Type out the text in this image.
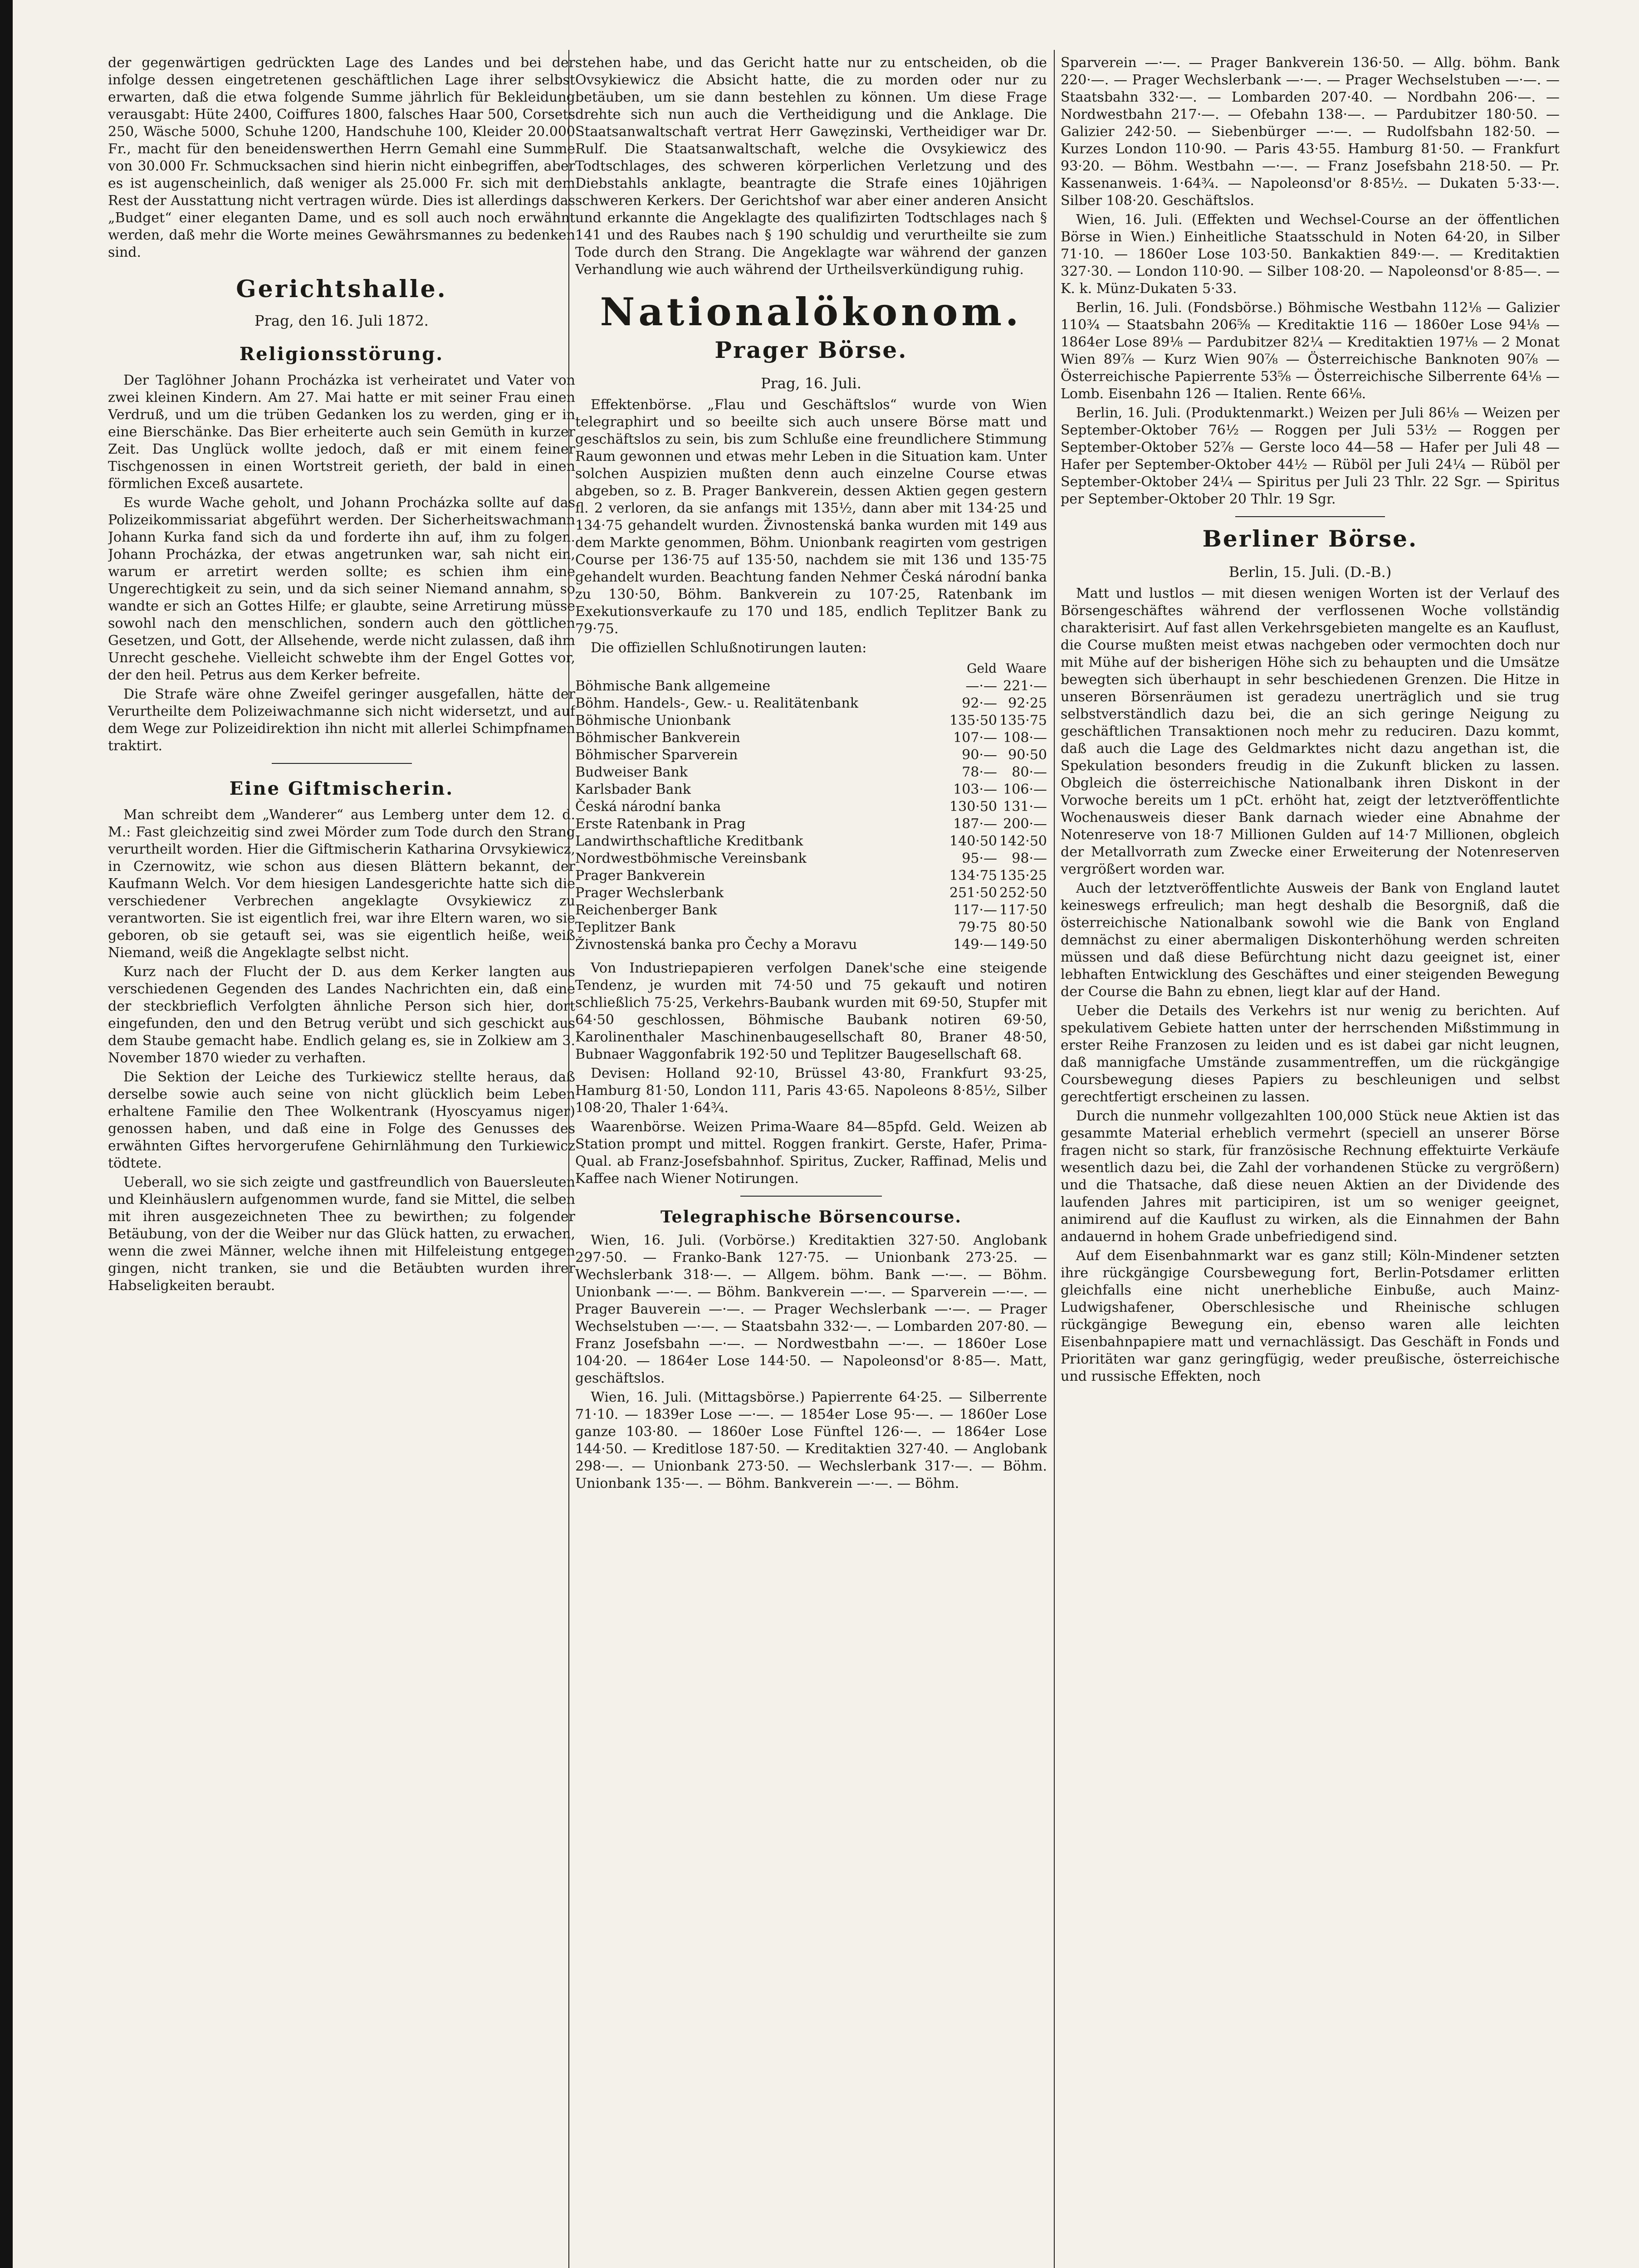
der gegenwärtigen gedrückten Lage des Landes und bei der infolge dessen eingetretenen geschäftlichen Lage ihrer selbst erwarten, daß die etwa folgende Summe jährlich für Bekleidung verausgabt: Hüte 2400, Coiffures 1800, falsches Haar 500, Corsets 250, Wäsche 5000, Schuhe 1200, Handschuhe 100, Kleider 20.000 Fr., macht für den beneidenswerthen Herrn Gemahl eine Summe von 30.000 Fr. Schmucksachen sind hierin nicht einbegriffen, aber es ist augenscheinlich, daß weniger als 25.000 Fr. sich mit dem Rest der Ausstattung nicht vertragen würde. Dies ist allerdings das „Budget“ einer eleganten Dame, und es soll auch noch erwähnt werden, daß mehr die Worte meines Gewährsmannes zu bedenken sind.

Gerichtshalle.
Prag, den 16. Juli 1872.
Religionsstörung.

Der Taglöhner Johann Procházka ist verheiratet und Vater von zwei kleinen Kindern. Am 27. Mai hatte er mit seiner Frau einen Verdruß, und um die trüben Gedanken los zu werden, ging er in eine Bierschänke. Das Bier erheiterte auch sein Gemüth in kurzer Zeit. Das Unglück wollte jedoch, daß er mit einem feiner Tischgenossen in einen Wortstreit gerieth, der bald in einen förmlichen Exceß ausartete.

Es wurde Wache geholt, und Johann Procházka sollte auf das Polizeikommissariat abgeführt werden. Der Sicherheitswachmann Johann Kurka fand sich da und forderte ihn auf, ihm zu folgen. Johann Procházka, der etwas angetrunken war, sah nicht ein, warum er arretirt werden sollte; es schien ihm eine Ungerechtigkeit zu sein, und da sich seiner Niemand annahm, so wandte er sich an Gottes Hilfe; er glaubte, seine Arretirung müsse sowohl nach den menschlichen, sondern auch den göttlichen Gesetzen, und Gott, der Allsehende, werde nicht zulassen, daß ihm Unrecht geschehe. Vielleicht schwebte ihm der Engel Gottes vor, der den heil. Petrus aus dem Kerker befreite.

Die Strafe wäre ohne Zweifel geringer ausgefallen, hätte der Verurtheilte dem Polizeiwachmanne sich nicht widersetzt, und auf dem Wege zur Polizeidirektion ihn nicht mit allerlei Schimpfnamen traktirt.

Eine Giftmischerin.

Man schreibt dem „Wanderer“ aus Lemberg unter dem 12. d. M.: Fast gleichzeitig sind zwei Mörder zum Tode durch den Strang verurtheilt worden. Hier die Giftmischerin Katharina Orvsykiewicz, in Czernowitz, wie schon aus diesen Blättern bekannt, der Kaufmann Welch. Vor dem hiesigen Landesgerichte hatte sich die verschiedener Verbrechen angeklagte Ovsykiewicz zu verantworten. Sie ist eigentlich frei, war ihre Eltern waren, wo sie geboren, ob sie getauft sei, was sie eigentlich heiße, weiß Niemand, weiß die Angeklagte selbst nicht.

Kurz nach der Flucht der D. aus dem Kerker langten aus verschiedenen Gegenden des Landes Nachrichten ein, daß eine der steckbrieflich Verfolgten ähnliche Person sich hier, dort eingefunden, den und den Betrug verübt und sich geschickt aus dem Staube gemacht habe. Endlich gelang es, sie in Zolkiew am 3. November 1870 wieder zu verhaften.

Die Sektion der Leiche des Turkiewicz stellte heraus, daß derselbe sowie auch seine von nicht glücklich beim Leben erhaltene Familie den Thee Wolkentrank (Hyoscyamus niger) genossen haben, und daß eine in Folge des Genusses des erwähnten Giftes hervorgerufene Gehirnlähmung den Turkiewicz tödtete.

Ueberall, wo sie sich zeigte und gastfreundlich von Bauersleuten und Kleinhäuslern aufgenommen wurde, fand sie Mittel, die selben mit ihren ausgezeichneten Thee zu bewirthen; zu folgender Betäubung, von der die Weiber nur das Glück hatten, zu erwachen, wenn die zwei Männer, welche ihnen mit Hilfeleistung entgegen gingen, nicht tranken, sie und die Betäubten wurden ihrer Habseligkeiten beraubt.

stehen habe, und das Gericht hatte nur zu entscheiden, ob die Ovsykiewicz die Absicht hatte, die zu morden oder nur zu betäuben, um sie dann bestehlen zu können. Um diese Frage drehte sich nun auch die Vertheidigung und die Anklage. Die Staatsanwaltschaft vertrat Herr Gawęzinski, Vertheidiger war Dr. Rulf. Die Staatsanwaltschaft, welche die Ovsykiewicz des Todtschlages, des schweren körperlichen Verletzung und des Diebstahls anklagte, beantragte die Strafe eines 10jährigen schweren Kerkers. Der Gerichtshof war aber einer anderen Ansicht und erkannte die Angeklagte des qualifizirten Todtschlages nach § 141 und des Raubes nach § 190 schuldig und verurtheilte sie zum Tode durch den Strang. Die Angeklagte war während der ganzen Verhandlung wie auch während der Urtheilsverkündigung ruhig.

Nationalökonom.
Prager Börse.
Prag, 16. Juli.

Effektenbörse. „Flau und Geschäftslos“ wurde von Wien telegraphirt und so beeilte sich auch unsere Börse matt und geschäftslos zu sein, bis zum Schluße eine freundlichere Stimmung Raum gewonnen und etwas mehr Leben in die Situation kam. Unter solchen Auspizien mußten denn auch einzelne Course etwas abgeben, so z. B. Prager Bankverein, dessen Aktien gegen gestern fl. 2 verloren, da sie anfangs mit 135½, dann aber mit 134·25 und 134·75 gehandelt wurden. Živnostenská banka wurden mit 149 aus dem Markte genommen, Böhm. Unionbank reagirten vom gestrigen Course per 136·75 auf 135·50, nachdem sie mit 136 und 135·75 gehandelt wurden. Beachtung fanden Nehmer Česká národní banka zu 130·50, Böhm. Bankverein zu 107·25, Ratenbank im Exekutionsverkaufe zu 170 und 185, endlich Teplitzer Bank zu 79·75.

Die offiziellen Schlußnotirungen lauten:

	Geld	Waare
Böhmische Bank allgemeine	—·—	221·—
Böhm. Handels-, Gew.- u. Realitätenbank	92·—	92·25
Böhmische Unionbank	135·50	135·75
Böhmischer Bankverein	107·—	108·—
Böhmischer Sparverein	90·—	90·50
Budweiser Bank	78·—	80·—
Karlsbader Bank	103·—	106·—
Česká národní banka	130·50	131·—
Erste Ratenbank in Prag	187·—	200·—
Landwirthschaftliche Kreditbank	140·50	142·50
Nordwestböhmische Vereinsbank	95·—	98·—
Prager Bankverein	134·75	135·25
Prager Wechslerbank	251·50	252·50
Reichenberger Bank	117·—	117·50
Teplitzer Bank	79·75	80·50
Živnostenská banka pro Čechy a Moravu	149·—	149·50

Von Industriepapieren verfolgen Danek'sche eine steigende Tendenz, je wurden mit 74·50 und 75 gekauft und notiren schließlich 75·25, Verkehrs-Baubank wurden mit 69·50, Stupfer mit 64·50 geschlossen, Böhmische Baubank notiren 69·50, Karolinenthaler Maschinenbaugesellschaft 80, Braner 48·50, Bubnaer Waggonfabrik 192·50 und Teplitzer Baugesellschaft 68.

Devisen: Holland 92·10, Brüssel 43·80, Frankfurt 93·25, Hamburg 81·50, London 111, Paris 43·65. Napoleons 8·85½, Silber 108·20, Thaler 1·64¾.

Waarenbörse. Weizen Prima-Waare 84—85pfd. Geld. Weizen ab Station prompt und mittel. Roggen frankirt. Gerste, Hafer, Prima-Qual. ab Franz-Josefsbahnhof. Spiritus, Zucker, Raffinad, Melis und Kaffee nach Wiener Notirungen.

Telegraphische Börsencourse.

Wien, 16. Juli. (Vorbörse.) Kreditaktien 327·50. Anglobank 297·50. — Franko-Bank 127·75. — Unionbank 273·25. — Wechslerbank 318·—. — Allgem. böhm. Bank —·—. — Böhm. Unionbank —·—. — Böhm. Bankverein —·—. — Sparverein —·—. — Prager Bauverein —·—. — Prager Wechslerbank —·—. — Prager Wechselstuben —·—. — Staatsbahn 332·—. — Lombarden 207·80. — Franz Josefsbahn —·—. — Nordwestbahn —·—. — 1860er Lose 104·20. — 1864er Lose 144·50. — Napoleonsd'or 8·85—. Matt, geschäftslos.

Wien, 16. Juli. (Mittagsbörse.) Papierrente 64·25. — Silberrente 71·10. — 1839er Lose —·—. — 1854er Lose 95·—. — 1860er Lose ganze 103·80. — 1860er Lose Fünftel 126·—. — 1864er Lose 144·50. — Kreditlose 187·50. — Kreditaktien 327·40. — Anglobank 298·—. — Unionbank 273·50. — Wechslerbank 317·—. — Böhm. Unionbank 135·—. — Böhm. Bankverein —·—. — Böhm.

Sparverein —·—. — Prager Bankverein 136·50. — Allg. böhm. Bank 220·—. — Prager Wechslerbank —·—. — Prager Wechselstuben —·—. — Staatsbahn 332·—. — Lombarden 207·40. — Nordbahn 206·—. — Nordwestbahn 217·—. — Ofebahn 138·—. — Pardubitzer 180·50. — Galizier 242·50. — Siebenbürger —·—. — Rudolfsbahn 182·50. — Kurzes London 110·90. — Paris 43·55. Hamburg 81·50. — Frankfurt 93·20. — Böhm. Westbahn —·—. — Franz Josefsbahn 218·50. — Pr. Kassenanweis. 1·64¾. — Napoleonsd'or 8·85½. — Dukaten 5·33·—. Silber 108·20. Geschäftslos.

Wien, 16. Juli. (Effekten und Wechsel-Course an der öffentlichen Börse in Wien.) Einheitliche Staatsschuld in Noten 64·20, in Silber 71·10. — 1860er Lose 103·50. Bankaktien 849·—. — Kreditaktien 327·30. — London 110·90. — Silber 108·20. — Napoleonsd'or 8·85—. — K. k. Münz-Dukaten 5·33.

Berlin, 16. Juli. (Fondsbörse.) Böhmische Westbahn 112⅛ — Galizier 110¾ — Staatsbahn 206⅝ — Kreditaktie 116 — 1860er Lose 94⅛ — 1864er Lose 89⅛ — Pardubitzer 82¼ — Kreditaktien 197⅛ — 2 Monat Wien 89⅞ — Kurz Wien 90⅞ — Österreichische Banknoten 90⅞ — Österreichische Papierrente 53⅝ — Österreichische Silberrente 64⅛ — Lomb. Eisenbahn 126 — Italien. Rente 66⅛.

Berlin, 16. Juli. (Produktenmarkt.) Weizen per Juli 86⅛ — Weizen per September-Oktober 76½ — Roggen per Juli 53½ — Roggen per September-Oktober 52⅞ — Gerste loco 44—58 — Hafer per Juli 48 — Hafer per September-Oktober 44½ — Rüböl per Juli 24¼ — Rüböl per September-Oktober 24¼ — Spiritus per Juli 23 Thlr. 22 Sgr. — Spiritus per September-Oktober 20 Thlr. 19 Sgr.

Berliner Börse.
Berlin, 15. Juli. (D.-B.)

Matt und lustlos — mit diesen wenigen Worten ist der Verlauf des Börsengeschäftes während der verflossenen Woche vollständig charakterisirt. Auf fast allen Verkehrsgebieten mangelte es an Kauflust, die Course mußten meist etwas nachgeben oder vermochten doch nur mit Mühe auf der bisherigen Höhe sich zu behaupten und die Umsätze bewegten sich überhaupt in sehr beschiedenen Grenzen. Die Hitze in unseren Börsenräumen ist geradezu unerträglich und sie trug selbstverständlich dazu bei, die an sich geringe Neigung zu geschäftlichen Transaktionen noch mehr zu reduciren. Dazu kommt, daß auch die Lage des Geldmarktes nicht dazu angethan ist, die Spekulation besonders freudig in die Zukunft blicken zu lassen. Obgleich die österreichische Nationalbank ihren Diskont in der Vorwoche bereits um 1 pCt. erhöht hat, zeigt der letztveröffentlichte Wochenausweis dieser Bank darnach wieder eine Abnahme der Notenreserve von 18·7 Millionen Gulden auf 14·7 Millionen, obgleich der Metallvorrath zum Zwecke einer Erweiterung der Notenreserven vergrößert worden war.

Auch der letztveröffentlichte Ausweis der Bank von England lautet keineswegs erfreulich; man hegt deshalb die Besorgniß, daß die österreichische Nationalbank sowohl wie die Bank von England demnächst zu einer abermaligen Diskonterhöhung werden schreiten müssen und daß diese Befürchtung nicht dazu geeignet ist, einer lebhaften Entwicklung des Geschäftes und einer steigenden Bewegung der Course die Bahn zu ebnen, liegt klar auf der Hand.

Ueber die Details des Verkehrs ist nur wenig zu berichten. Auf spekulativem Gebiete hatten unter der herrschenden Mißstimmung in erster Reihe Franzosen zu leiden und es ist dabei gar nicht leugnen, daß mannigfache Umstände zusammentreffen, um die rückgängige Coursbewegung dieses Papiers zu beschleunigen und selbst gerechtfertigt erscheinen zu lassen.

Durch die nunmehr vollgezahlten 100,000 Stück neue Aktien ist das gesammte Material erheblich vermehrt (speciell an unserer Börse fragen nicht so stark, für französische Rechnung effektuirte Verkäufe wesentlich dazu bei, die Zahl der vorhandenen Stücke zu vergrößern) und die Thatsache, daß diese neuen Aktien an der Dividende des laufenden Jahres mit participiren, ist um so weniger geeignet, animirend auf die Kauflust zu wirken, als die Einnahmen der Bahn andauernd in hohem Grade unbefriedigend sind.

Auf dem Eisenbahnmarkt war es ganz still; Köln-Mindener setzten ihre rückgängige Coursbewegung fort, Berlin-Potsdamer erlitten gleichfalls eine nicht unerhebliche Einbuße, auch Mainz-Ludwigshafener, Oberschlesische und Rheinische schlugen rückgängige Bewegung ein, ebenso waren alle leichten Eisenbahnpapiere matt und vernachlässigt. Das Geschäft in Fonds und Prioritäten war ganz geringfügig, weder preußische, österreichische und russische Effekten, noch
